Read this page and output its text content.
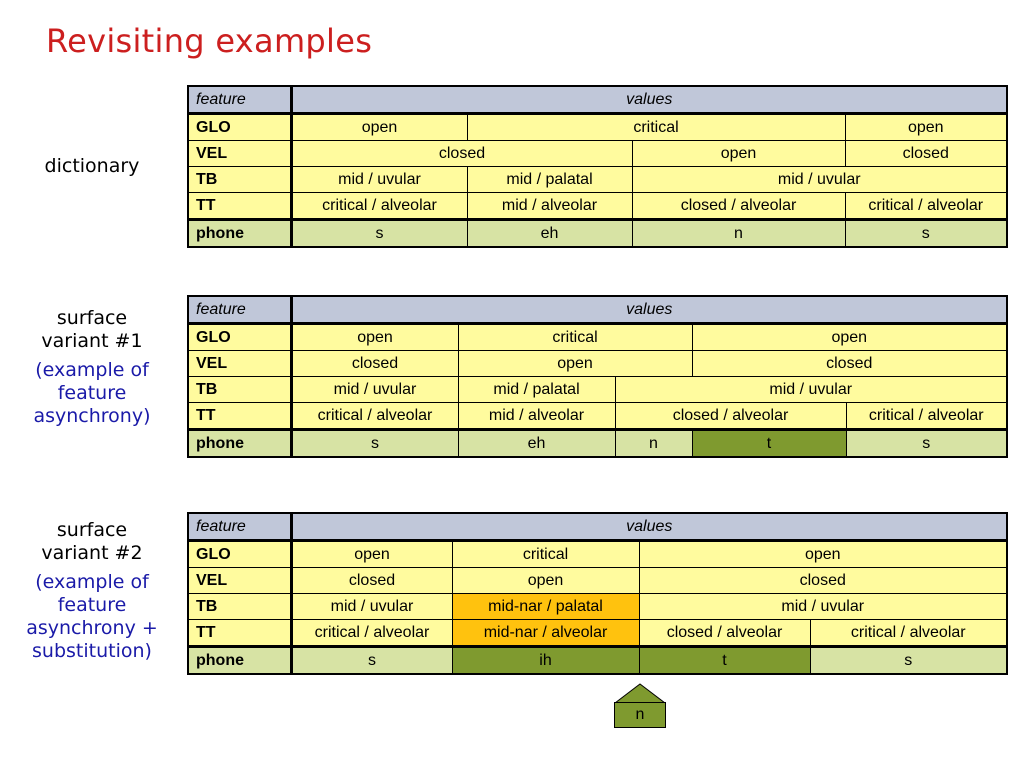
Revisiting examples
dictionary
surface
variant #1
(example of
feature
asynchrony)
surface
variant #2
(example of
feature
asynchrony +
substitution)
feature	values			
GLO	open	critical		open
VEL	closed		open	closed
TB	mid / uvular	mid / palatal	mid / uvular	
TT	critical / alveolar	mid / alveolar	closed / alveolar	critical / alveolar
phone	s	eh	n	s
feature	values				
GLO	open	critical		open	
VEL	closed	open		closed	
TB	mid / uvular	mid / palatal	mid / uvular		
TT	critical / alveolar	mid / alveolar	closed / alveolar		critical / alveolar
phone	s	eh	n	t	s
feature	values			
GLO	open	critical	open	
VEL	closed	open	closed	
TB	mid / uvular	mid-nar / palatal	mid / uvular	
TT	critical / alveolar	mid-nar / alveolar	closed / alveolar	critical / alveolar
phone	s	ih	t	s
n
